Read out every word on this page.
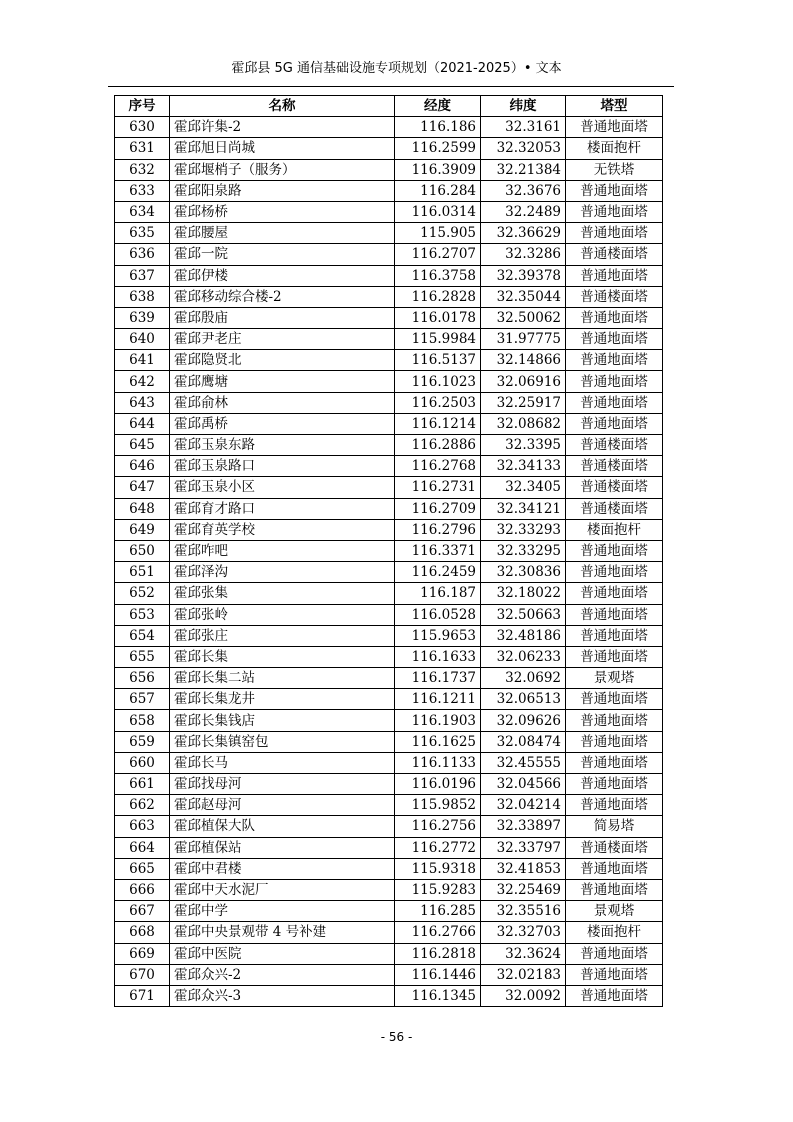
霍邱县 5G 通信基础设施专项规划（2021-2025）• 文本
序号	名称	经度	纬度	塔型
630	霍邱许集-2	116.186	32.3161	普通地面塔
631	霍邱旭日尚城	116.2599	32.32053	楼面抱杆
632	霍邱堰梢子（服务）	116.3909	32.21384	无铁塔
633	霍邱阳泉路	116.284	32.3676	普通地面塔
634	霍邱杨桥	116.0314	32.2489	普通地面塔
635	霍邱腰屋	115.905	32.36629	普通地面塔
636	霍邱一院	116.2707	32.3286	普通楼面塔
637	霍邱伊楼	116.3758	32.39378	普通地面塔
638	霍邱移动综合楼-2	116.2828	32.35044	普通楼面塔
639	霍邱殷庙	116.0178	32.50062	普通地面塔
640	霍邱尹老庄	115.9984	31.97775	普通地面塔
641	霍邱隐贤北	116.5137	32.14866	普通地面塔
642	霍邱鹰塘	116.1023	32.06916	普通地面塔
643	霍邱俞林	116.2503	32.25917	普通地面塔
644	霍邱禹桥	116.1214	32.08682	普通地面塔
645	霍邱玉泉东路	116.2886	32.3395	普通楼面塔
646	霍邱玉泉路口	116.2768	32.34133	普通楼面塔
647	霍邱玉泉小区	116.2731	32.3405	普通楼面塔
648	霍邱育才路口	116.2709	32.34121	普通楼面塔
649	霍邱育英学校	116.2796	32.33293	楼面抱杆
650	霍邱咋吧	116.3371	32.33295	普通地面塔
651	霍邱泽沟	116.2459	32.30836	普通地面塔
652	霍邱张集	116.187	32.18022	普通地面塔
653	霍邱张岭	116.0528	32.50663	普通地面塔
654	霍邱张庄	115.9653	32.48186	普通地面塔
655	霍邱长集	116.1633	32.06233	普通地面塔
656	霍邱长集二站	116.1737	32.0692	景观塔
657	霍邱长集龙井	116.1211	32.06513	普通地面塔
658	霍邱长集钱店	116.1903	32.09626	普通地面塔
659	霍邱长集镇窑包	116.1625	32.08474	普通地面塔
660	霍邱长马	116.1133	32.45555	普通地面塔
661	霍邱找母河	116.0196	32.04566	普通地面塔
662	霍邱赵母河	115.9852	32.04214	普通地面塔
663	霍邱植保大队	116.2756	32.33897	简易塔
664	霍邱植保站	116.2772	32.33797	普通楼面塔
665	霍邱中君楼	115.9318	32.41853	普通地面塔
666	霍邱中天水泥厂	115.9283	32.25469	普通地面塔
667	霍邱中学	116.285	32.35516	景观塔
668	霍邱中央景观带 4 号补建	116.2766	32.32703	楼面抱杆
669	霍邱中医院	116.2818	32.3624	普通地面塔
670	霍邱众兴-2	116.1446	32.02183	普通地面塔
671	霍邱众兴-3	116.1345	32.0092	普通地面塔
- 56 -
